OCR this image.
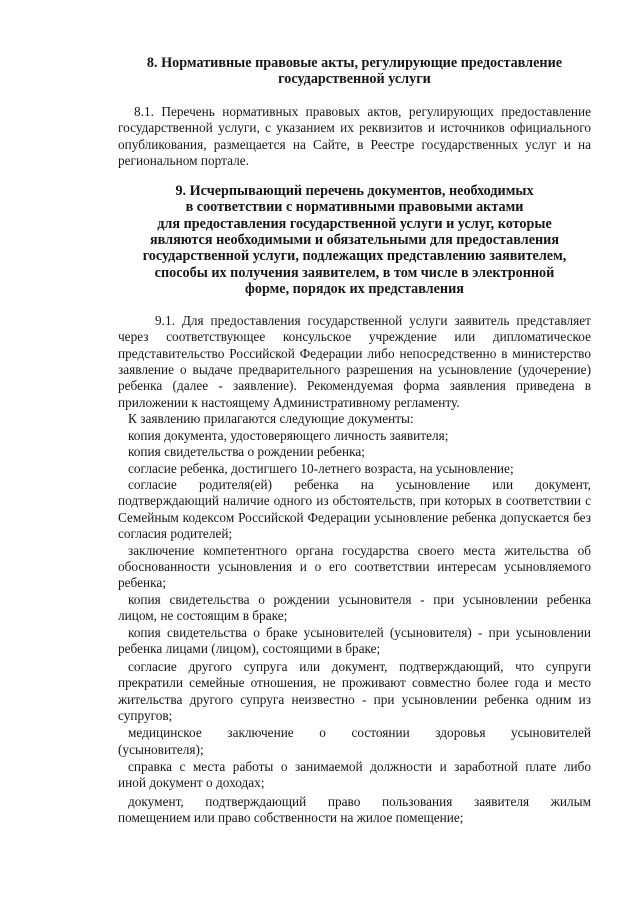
8. Нормативные правовые акты, регулирующие предоставление
государственной услуги
8.1. Перечень нормативных правовых актов, регулирующих предоставление
государственной услуги, с указанием их реквизитов и источников официального
опубликования, размещается на Сайте, в Реестре государственных услуг и на
региональном портале.
9. Исчерпывающий перечень документов, необходимых
в соответствии с нормативными правовыми актами
для предоставления государственной услуги и услуг, которые
являются необходимыми и обязательными для предоставления
государственной услуги, подлежащих представлению заявителем,
способы их получения заявителем, в том числе в электронной
форме, порядок их представления
9.1. Для предоставления государственной услуги заявитель представляет
через соответствующее консульское учреждение или дипломатическое
представительство Российской Федерации либо непосредственно в министерство
заявление о выдаче предварительного разрешения на усыновление (удочерение)
ребенка (далее - заявление). Рекомендуемая форма заявления приведена в
приложении к настоящему Административному регламенту.
К заявлению прилагаются следующие документы:
копия документа, удостоверяющего личность заявителя;
копия свидетельства о рождении ребенка;
согласие ребенка, достигшего 10-летнего возраста, на усыновление;
согласие родителя(ей) ребенка на усыновление или документ,
подтверждающий наличие одного из обстоятельств, при которых в соответствии с
Семейным кодексом Российской Федерации усыновление ребенка допускается без
согласия родителей;
заключение компетентного органа государства своего места жительства об
обоснованности усыновления и о его соответствии интересам усыновляемого
ребенка;
копия свидетельства о рождении усыновителя - при усыновлении ребенка
лицом, не состоящим в браке;
копия свидетельства о браке усыновителей (усыновителя) - при усыновлении
ребенка лицами (лицом), состоящими в браке;
согласие другого супруга или документ, подтверждающий, что супруги
прекратили семейные отношения, не проживают совместно более года и место
жительства другого супруга неизвестно - при усыновлении ребенка одним из
супругов;
медицинское заключение о состоянии здоровья усыновителей
(усыновителя);
справка с места работы о занимаемой должности и заработной плате либо
иной документ о доходах;
документ, подтверждающий право пользования заявителя жилым
помещением или право собственности на жилое помещение;
